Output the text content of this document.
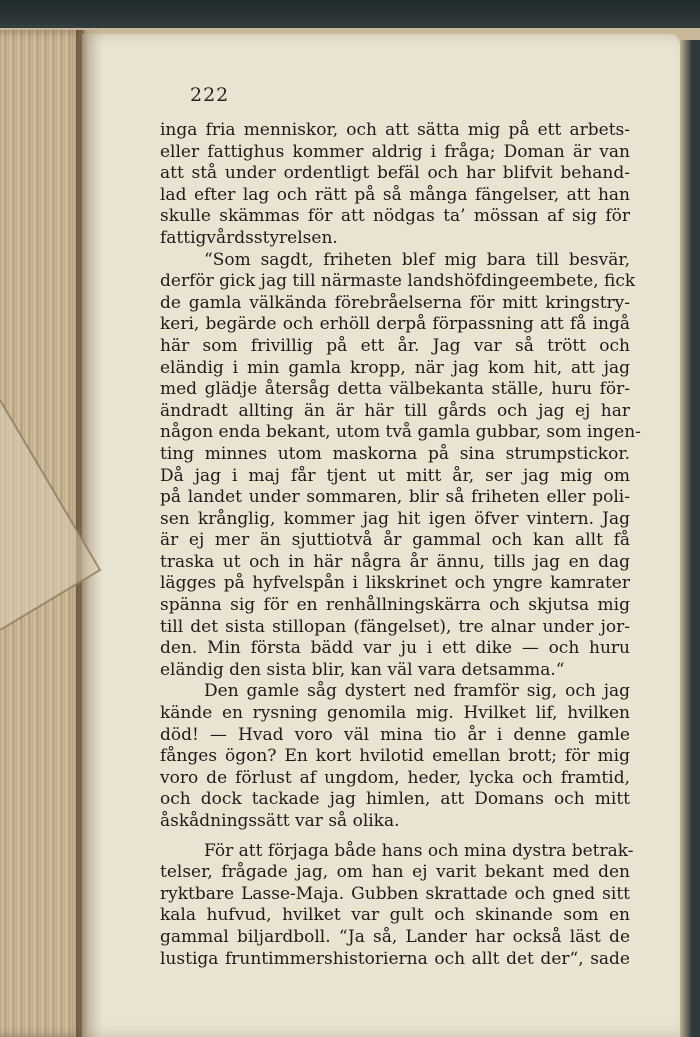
222
inga fria menniskor, och att sätta mig på ett arbets-
eller fattighus kommer aldrig i fråga; Doman är van
att stå under ordentligt befäl och har blifvit behand-
lad efter lag och rätt på så många fängelser, att han
skulle skämmas för att nödgas ta’ mössan af sig för
fattigvårdsstyrelsen.
“Som sagdt, friheten blef mig bara till besvär,
derför gick jag till närmaste landshöfdingeembete, fick
de gamla välkända förebråelserna för mitt kringstry-
keri, begärde och erhöll derpå förpassning att få ingå
här som frivillig på ett år. Jag var så trött och
eländig i min gamla kropp, när jag kom hit, att jag
med glädje återsåg detta välbekanta ställe, huru för-
ändradt allting än är här till gårds och jag ej har
någon enda bekant, utom två gamla gubbar, som ingen-
ting minnes utom maskorna på sina strumpstickor.
Då jag i maj får tjent ut mitt år, ser jag mig om
på landet under sommaren, blir så friheten eller poli-
sen krånglig, kommer jag hit igen öfver vintern. Jag
är ej mer än sjuttiotvå år gammal och kan allt få
traska ut och in här några år ännu, tills jag en dag
lägges på hyfvelspån i likskrinet och yngre kamrater
spänna sig för en renhållningskärra och skjutsa mig
till det sista stillopan (fängelset), tre alnar under jor-
den. Min första bädd var ju i ett dike — och huru
eländig den sista blir, kan väl vara detsamma.“
Den gamle såg dystert ned framför sig, och jag
kände en rysning genomila mig. Hvilket lif, hvilken
död! — Hvad voro väl mina tio år i denne gamle
fånges ögon? En kort hvilotid emellan brott; för mig
voro de förlust af ungdom, heder, lycka och framtid,
och dock tackade jag himlen, att Domans och mitt
åskådningssätt var så olika.
För att förjaga både hans och mina dystra betrak-
telser, frågade jag, om han ej varit bekant med den
ryktbare Lasse-Maja. Gubben skrattade och gned sitt
kala hufvud, hvilket var gult och skinande som en
gammal biljardboll. “Ja så, Lander har också läst de
lustiga fruntimmershistorierna och allt det der“, sade
